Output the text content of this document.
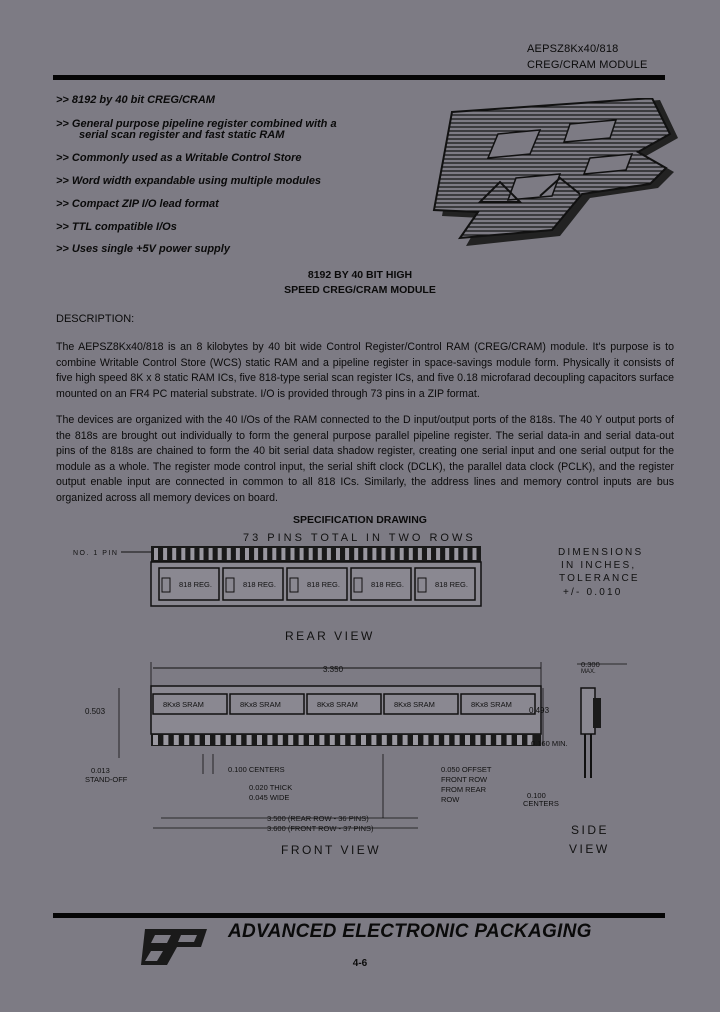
AEPSZ8Kx40/818
CREG/CRAM MODULE
>> 8192 by 40 bit CREG/CRAM
>> General purpose pipeline register combined with a
serial scan register and fast static RAM
>> Commonly used as a Writable Control Store
>> Word width expandable using multiple modules
>> Compact ZIP I/O lead format
>> TTL compatible I/Os
>> Uses single +5V power supply
8192 BY 40 BIT HIGH
SPEED CREG/CRAM MODULE
DESCRIPTION:
The AEPSZ8Kx40/818 is an 8 kilobytes by 40 bit wide Control Register/Control RAM (CREG/CRAM) module. It's purpose is to combine Writable Control Store (WCS) static RAM and a pipeline register in space-savings module form. Physically it consists of five high speed 8K x 8 static RAM ICs, five 818-type serial scan register ICs, and five 0.18 microfarad decoupling capacitors surface mounted on an FR4 PC material substrate. I/O is provided through 73 pins in a ZIP format.
The devices are organized with the 40 I/Os of the RAM connected to the D input/output ports of the 818s. The 40 Y output ports of the 818s are brought out individually to form the general purpose parallel pipeline register. The serial data-in and serial data-out pins of the 818s are chained to form the 40 bit serial data shadow register, creating one serial input and one serial output for the module as a whole. The register mode control input, the serial shift clock (DCLK), the parallel data clock (PCLK), and the register output enable input are connected in common to all 818 ICs. Similarly, the address lines and memory control inputs are bus organized across all memory devices on board.
SPECIFICATION DRAWING
73 PINS TOTAL IN TWO ROWS
NO. 1 PIN
818 REG.	818 REG.	818 REG.	818 REG.	818 REG.
REAR VIEW
DIMENSIONS
IN INCHES,
TOLERANCE
+/- 0.010
3.350
8Kx8 SRAM	8Kx8 SRAM	8Kx8 SRAM	8Kx8 SRAM	8Kx8 SRAM
0.503	0.493
0.013
STAND-OFF
0.100 CENTERS
0.020 THICK
0.045 WIDE
0.050 OFFSET
FRONT ROW
FROM REAR
ROW
3.500 (REAR ROW - 36 PINS)
3.600 (FRONT ROW - 37 PINS)
FRONT VIEW
0.300
MAX.
0.160 MIN.
0.100
CENTERS
SIDE
VIEW
ADVANCED ELECTRONIC PACKAGING
4-6
